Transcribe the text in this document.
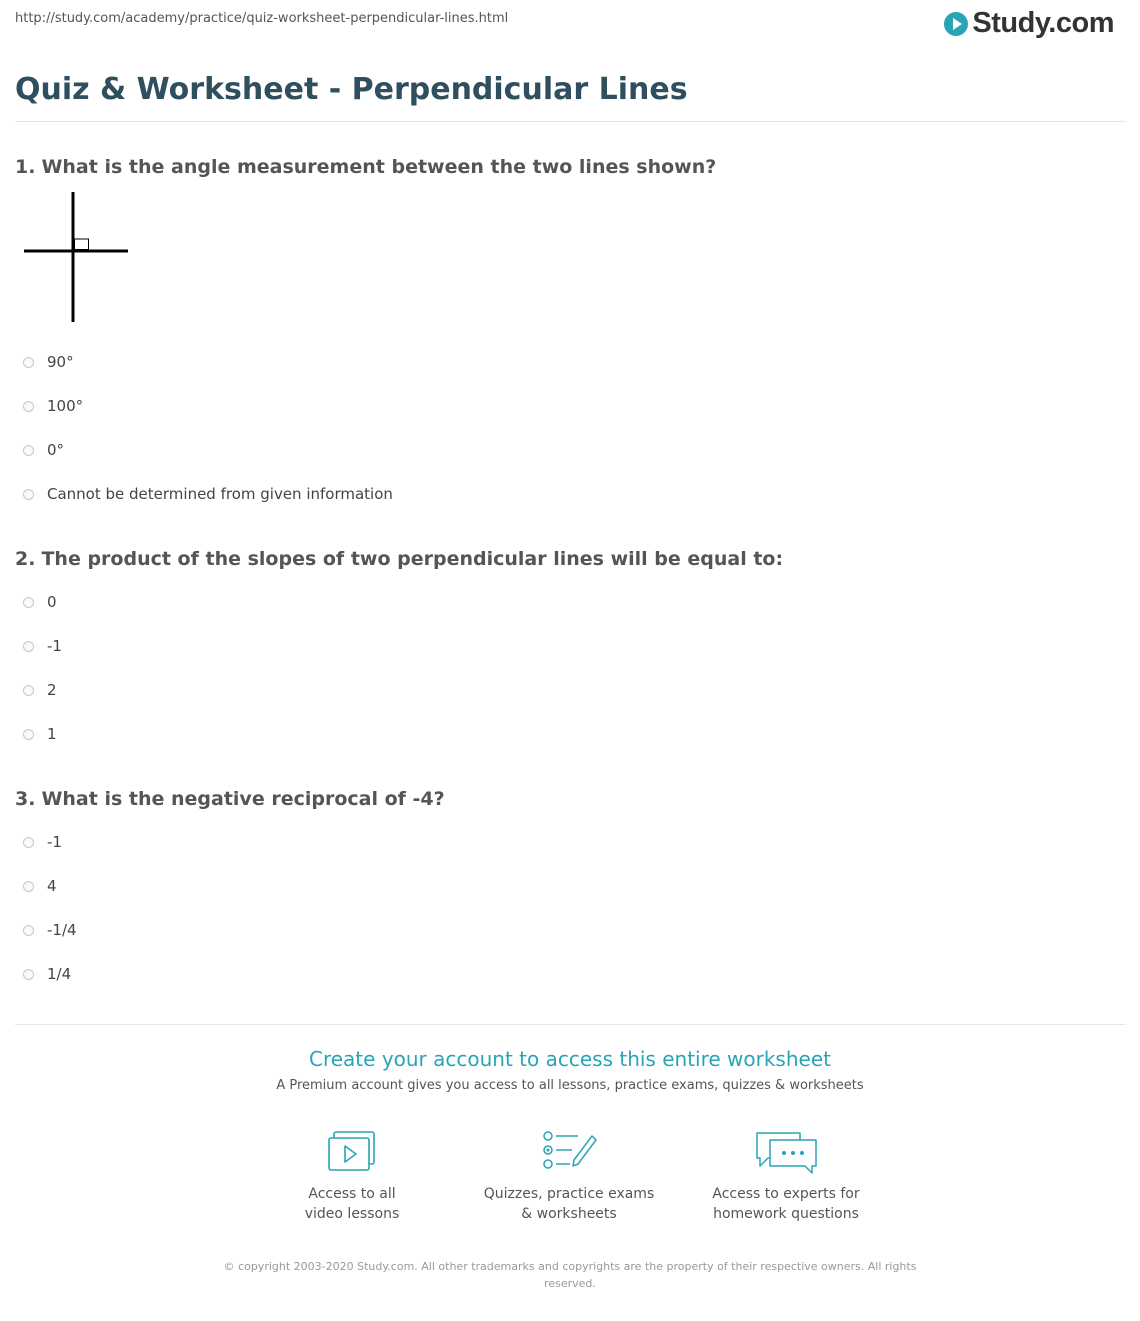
http://study.com/academy/practice/quiz-worksheet-perpendicular-lines.html	Study.com
Quiz & Worksheet - Perpendicular Lines
1. What is the angle measurement between the two lines shown?
90°
100°
0°
Cannot be determined from given information
2. The product of the slopes of two perpendicular lines will be equal to:
0
-1
2
1
3. What is the negative reciprocal of -4?
-1
4
-1/4
1/4
Create your account to access this entire worksheet
A Premium account gives you access to all lessons, practice exams, quizzes & worksheets
Access to all
video lessons
Quizzes, practice exams
& worksheets
Access to experts for
homework questions
© copyright 2003-2020 Study.com. All other trademarks and copyrights are the property of their respective owners. All rights
reserved.
